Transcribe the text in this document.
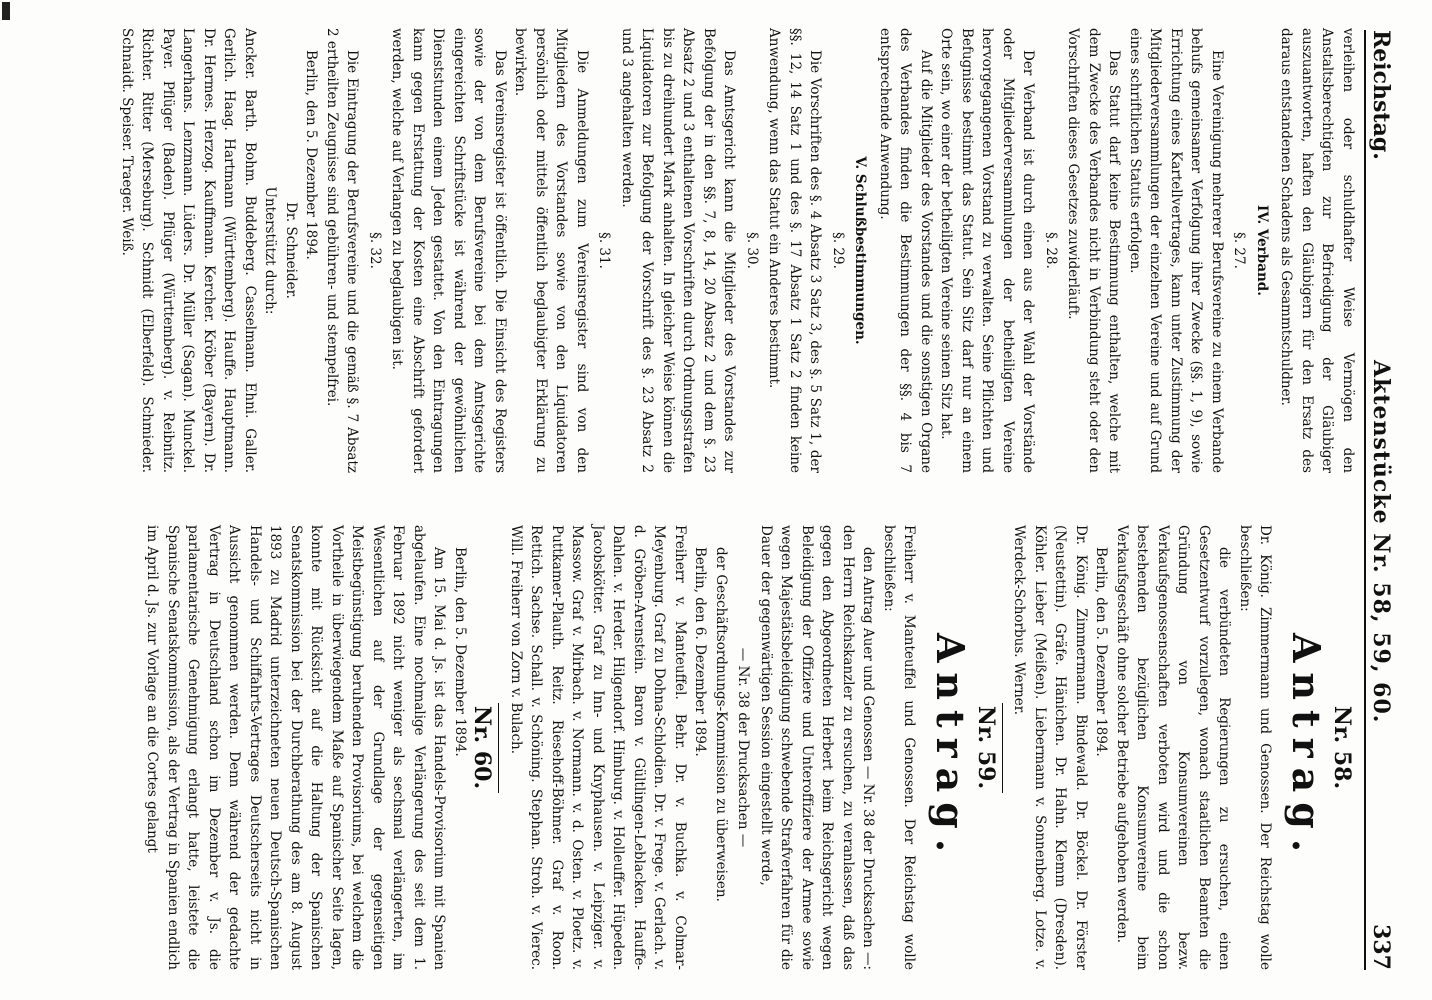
Reichstag.
Aktenstücke Nr. 58, 59, 60.
337

verleihen oder schuldhafter Weise Vermögen den Anstaltsberechtigten zur Befriedigung der Gläubiger auszuantworten, haften den Gläubigern für den Ersatz des daraus entstandenen Schadens als Gesammtschuldner.

IV. Verband.
§. 27.

Eine Vereinigung mehrerer Berufsvereine zu einem Verbande behufs gemeinsamer Verfolgung ihrer Zwecke (§§. 1, 9), sowie Errichtung eines Kartellvertrages, kann unter Zustimmung der Mitgliederversammlungen der einzelnen Vereine und auf Grund eines schriftlichen Statuts erfolgen.

Das Statut darf keine Bestimmung enthalten, welche mit dem Zwecke des Verbandes nicht in Verbindung steht oder den Vorschriften dieses Gesetzes zuwiderläuft.

§. 28.

Der Verband ist durch einen aus der Wahl der Vorstände oder Mitgliederversammlungen der betheiligten Vereine hervorgegangenen Vorstand zu verwalten. Seine Pflichten und Befugnisse bestimmt das Statut. Sein Sitz darf nur an einem Orte sein, wo einer der betheiligten Vereine seinen Sitz hat.

Auf die Mitglieder des Vorstandes und die sonstigen Organe des Verbandes finden die Bestimmungen der §§. 4 bis 7 entsprechende Anwendung.

V. Schlußbestimmungen.
§. 29.

Die Vorschriften des §. 4 Absatz 3 Satz 3, des §. 5 Satz 1, der §§. 12, 14 Satz 1 und des §. 17 Absatz 1 Satz 2 finden keine Anwendung, wenn das Statut ein Anderes bestimmt.

§. 30.

Das Amtsgericht kann die Mitglieder des Vorstandes zur Befolgung der in den §§. 7, 8, 14, 20 Absatz 2 und dem §. 23 Absatz 2 und 3 enthaltenen Vorschriften durch Ordnungsstrafen bis zu dreihundert Mark anhalten. In gleicher Weise können die Liquidatoren zur Befolgung der Vorschrift des §. 23 Absatz 2 und 3 angehalten werden.

§. 31.

Die Anmeldungen zum Vereinsregister sind von den Mitgliedern des Vorstandes sowie von den Liquidatoren persönlich oder mittels öffentlich beglaubigter Erklärung zu bewirken.

Das Vereinsregister ist öffentlich. Die Einsicht des Registers sowie der von dem Berufsvereine bei dem Amtsgerichte eingereichten Schriftstücke ist während der gewöhnlichen Dienststunden einem Jeden gestattet. Von den Eintragungen kann gegen Erstattung der Kosten eine Abschrift gefordert werden, welche auf Verlangen zu beglaubigen ist.

§. 32.

Die Eintragung der Berufsvereine und die gemäß §. 7 Absatz 2 ertheilten Zeugnisse sind gebühren- und stempelfrei.

Berlin, den 5. Dezember 1894.

Dr. Schneider.
Unterstützt durch:

Ancker. Barth. Bohm. Buddeberg. Casselmann. Ehni. Galler. Gerlich. Haag. Hartmann (Württemberg). Hauffe. Hauptmann. Dr. Hermes. Herzog. Kauffmann. Kercher. Kröber (Bayern). Dr. Langerhans. Lenzmann. Lüders. Dr. Müller (Sagan). Munckel. Payer. Pflüger (Baden). Pflüger (Württemberg). v. Reibnitz. Richter. Ritter (Merseburg). Schmidt (Elberfeld). Schmieder. Schnaidt. Speiser. Traeger. Weiß.

Nr. 58.
Antrag.

Dr. König. Zimmermann und Genossen. Der Reichstag wolle beschließen:

die verbündeten Regierungen zu ersuchen, einen Gesetzentwurf vorzulegen, wonach staatlichen Beamten die Gründung von Konsumvereinen bezw. Verkaufsgenossenschaften verboten wird und die schon bestehenden bezüglichen Konsumvereine beim Verkaufsgeschäft ohne solcher Betriebe aufgehoben werden.

Berlin, den 5. Dezember 1894.

Dr. König. Zimmermann. Bindewald. Dr. Böckel. Dr. Förster (Neustettin). Gräfe. Hänichen. Dr. Hahn. Klemm (Dresden). Köhler. Lieber (Meißen). Liebermann v. Sonnenberg. Lotze. v. Werdeck-Schorbus. Werner.

Nr. 59.
Antrag.

Freiherr v. Manteuffel und Genossen. Der Reichstag wolle beschließen:

den Antrag Auer und Genossen — Nr. 38 der Drucksachen —: den Herrn Reichskanzler zu ersuchen, zu veranlassen, daß das gegen den Abgeordneten Herbert beim Reichsgericht wegen Beleidigung der Offiziere und Unteroffiziere der Armee sowie wegen Majestätsbeleidigung schwebende Strafverfahren für die Dauer der gegenwärtigen Session eingestellt werde,

— Nr. 38 der Drucksachen —

der Geschäftsordnungs-Kommission zu überweisen.

Berlin, den 6. Dezember 1894.

Freiherr v. Manteuffel. Behr. Dr. v. Buchka. v. Colmar-Meyenburg. Graf zu Dohna-Schlodien. Dr. v. Frege. v. Gerlach. v. d. Gröben-Arenstein. Baron v. Gültlingen-Leblacken. Hauffe-Dahlen. v. Herder. Hilgendorf. Himburg. v. Holleuffer. Hüpeden. Jacobskötter. Graf zu Inn- und Knyphausen. v. Leipziger. v. Massow. Graf v. Mirbach. v. Normann. v. d. Osten. v. Ploetz. v. Puttkamer-Plauth. Reitz. Riesehoff-Böhmer. Graf v. Roon. Rettich. Sachse. Schall. v. Schöning. Stephan. Stroh. v. Vierec. Will. Freiherr von Zorn v. Bulach.

Nr. 60.

Berlin, den 5. Dezember 1894.

Am 15. Mai d. Js. ist das Handels-Provisorium mit Spanien abgelaufen. Eine nochmalige Verlängerung des seit dem 1. Februar 1892 nicht weniger als sechsmal verlängerten, im Wesentlichen auf der Grundlage der gegenseitigen Meistbegünstigung beruhenden Provisoriums, bei welchem die Vortheile in überwiegendem Maße auf Spanischer Seite lagen, konnte mit Rücksicht auf die Haltung der Spanischen Senatskommission bei der Durchberathung des am 8. August 1893 zu Madrid unterzeichneten neuen Deutsch-Spanischen Handels- und Schiffahrts-Vertrages Deutscherseits nicht in Aussicht genommen werden. Denn während der gedachte Vertrag in Deutschland schon im Dezember v. Js. die parlamentarische Genehmigung erlangt hatte, leistete die Spanische Senatskommission, als der Vertrag in Spanien endlich im April d. Js. zur Vorlage an die Cortes gelangt
